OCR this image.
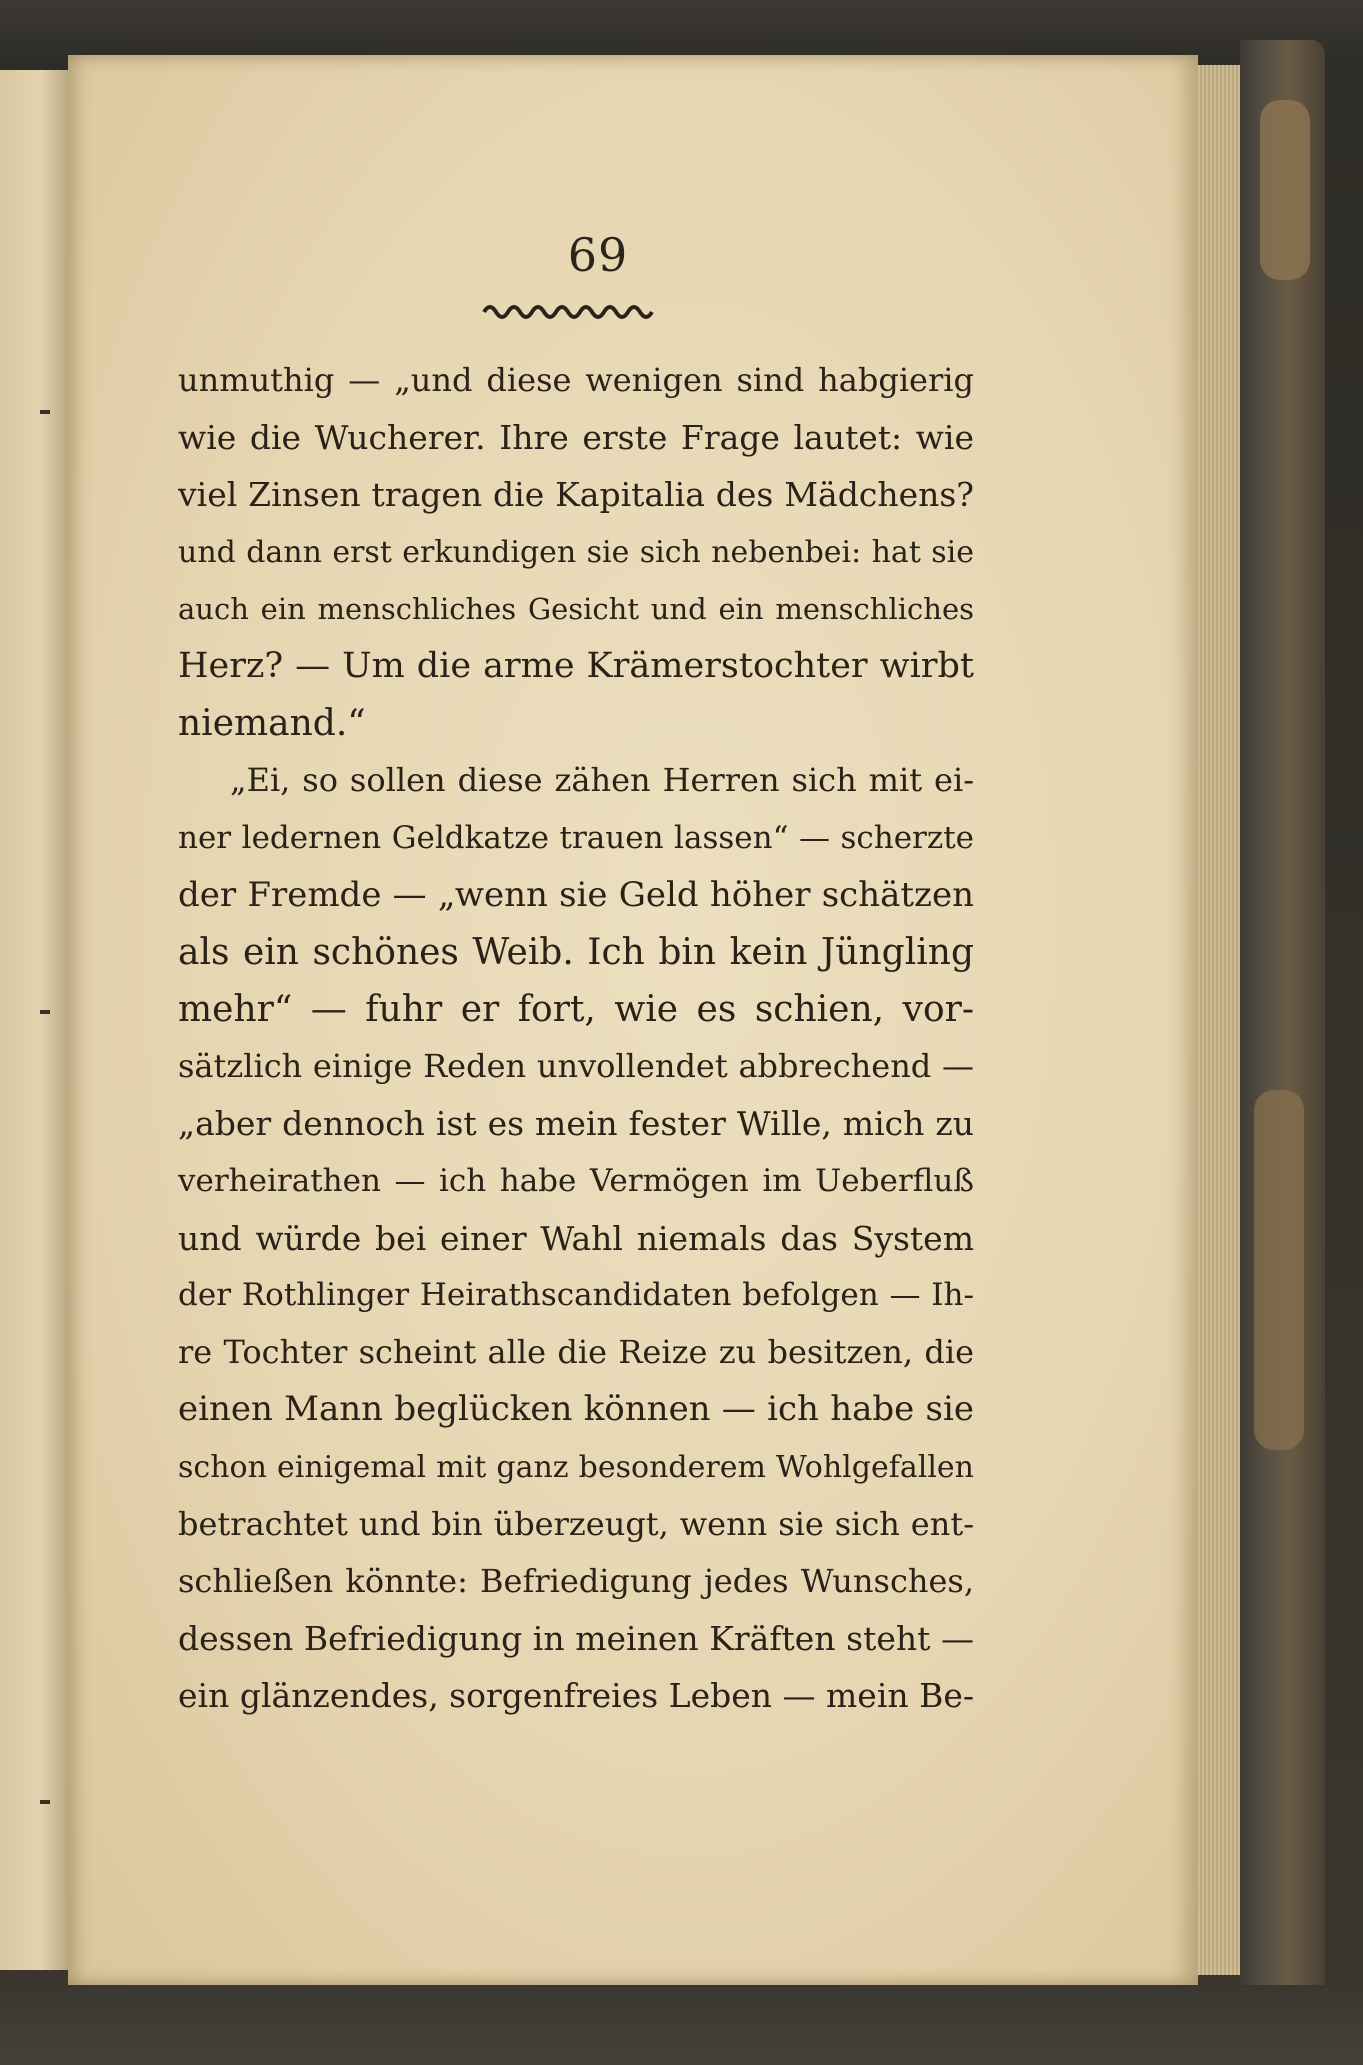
69
unmuthig — „und diese wenigen sind habgierig
wie die Wucherer. Ihre erste Frage lautet: wie
viel Zinsen tragen die Kapitalia des Mädchens?
und dann erst erkundigen sie sich nebenbei: hat sie
auch ein menschliches Gesicht und ein menschliches
Herz? — Um die arme Krämerstochter wirbt
niemand.“
„Ei, so sollen diese zähen Herren sich mit ei-
ner ledernen Geldkatze trauen lassen“ — scherzte
der Fremde — „wenn sie Geld höher schätzen
als ein schönes Weib. Ich bin kein Jüngling
mehr“ — fuhr er fort, wie es schien, vor-
sätzlich einige Reden unvollendet abbrechend —
„aber dennoch ist es mein fester Wille, mich zu
verheirathen — ich habe Vermögen im Ueberfluß
und würde bei einer Wahl niemals das System
der Rothlinger Heirathscandidaten befolgen — Ih-
re Tochter scheint alle die Reize zu besitzen, die
einen Mann beglücken können — ich habe sie
schon einigemal mit ganz besonderem Wohlgefallen
betrachtet und bin überzeugt, wenn sie sich ent-
schließen könnte: Befriedigung jedes Wunsches,
dessen Befriedigung in meinen Kräften steht —
ein glänzendes, sorgenfreies Leben — mein Be-
